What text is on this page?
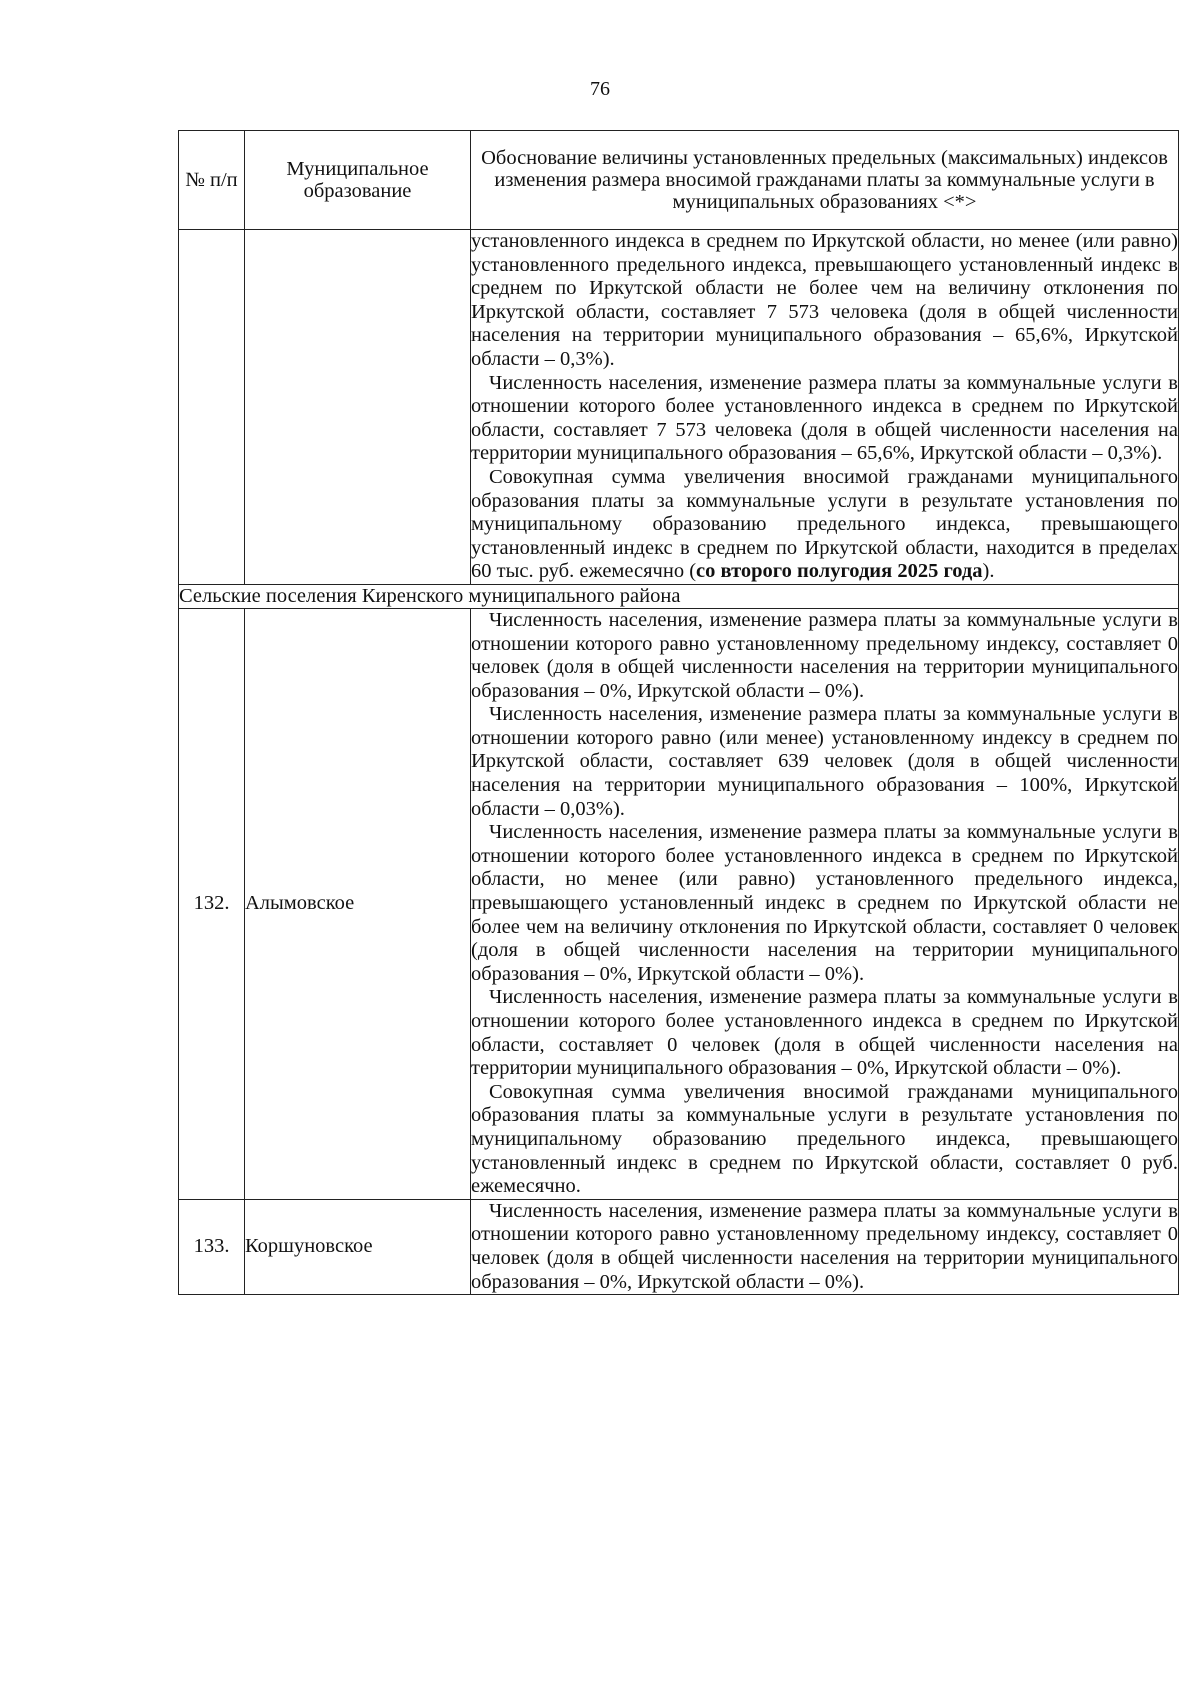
76
№ п/п	Муниципальное образование	Обоснование величины установленных предельных (максимальных) индексов изменения размера вносимой гражданами платы за коммунальные услуги в муниципальных образованиях <*>

		установленного индекса в среднем по Иркутской области, но менее (или равно) установленного предельного индекса, превышающего установленный индекс в среднем по Иркутской области не более чем на величину отклонения по Иркутской области, составляет 7 573 человека (доля в общей численности населения на территории муниципального образования – 65,6%, Иркутской области – 0,3%).

Численность населения, изменение размера платы за коммунальные услуги в отношении которого более установленного индекса в среднем по Иркутской области, составляет 7 573 человека (доля в общей численности населения на территории муниципального образования – 65,6%, Иркутской области – 0,3%).

Совокупная сумма увеличения вносимой гражданами муниципального образования платы за коммунальные услуги в результате установления по муниципальному образованию предельного индекса, превышающего установленный индекс в среднем по Иркутской области, находится в пределах 60 тыс. руб. ежемесячно (со второго полугодия 2025 года).

Сельские поселения Киренского муниципального района		
132.	Алымовское	Численность населения, изменение размера платы за коммунальные услуги в отношении которого равно установленному предельному индексу, составляет 0 человек (доля в общей численности населения на территории муниципального образования – 0%, Иркутской области – 0%).

Численность населения, изменение размера платы за коммунальные услуги в отношении которого равно (или менее) установленному индексу в среднем по Иркутской области, составляет 639 человек (доля в общей численности населения на территории муниципального образования – 100%, Иркутской области – 0,03%).

Численность населения, изменение размера платы за коммунальные услуги в отношении которого более установленного индекса в среднем по Иркутской области, но менее (или равно) установленного предельного индекса, превышающего установленный индекс в среднем по Иркутской области не более чем на величину отклонения по Иркутской области, составляет 0 человек (доля в общей численности населения на территории муниципального образования – 0%, Иркутской области – 0%).

Численность населения, изменение размера платы за коммунальные услуги в отношении которого более установленного индекса в среднем по Иркутской области, составляет 0 человек (доля в общей численности населения на территории муниципального образования – 0%, Иркутской области – 0%).

Совокупная сумма увеличения вносимой гражданами муниципального образования платы за коммунальные услуги в результате установления по муниципальному образованию предельного индекса, превышающего установленный индекс в среднем по Иркутской области, составляет 0 руб. ежемесячно.

133.	Коршуновское	Численность населения, изменение размера платы за коммунальные услуги в отношении которого равно установленному предельному индексу, составляет 0 человек (доля в общей численности населения на территории муниципального образования – 0%, Иркутской области – 0%).
